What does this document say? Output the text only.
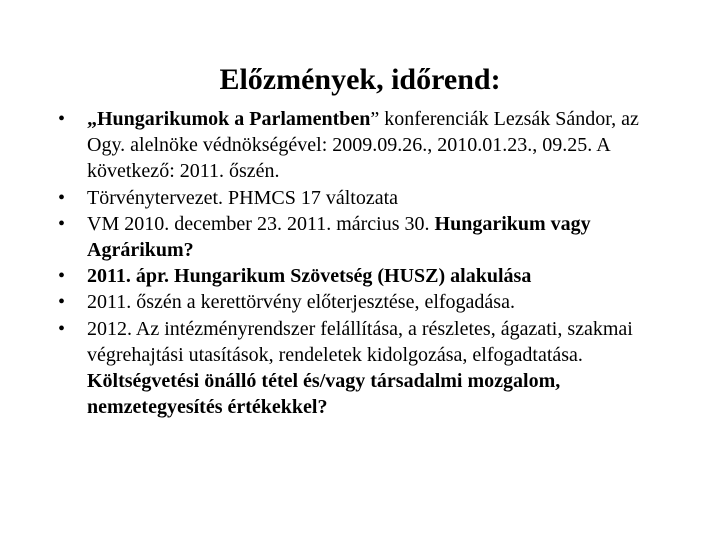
Előzmények, időrend:
• „Hungarikumok a Parlamentben” konferenciák Lezsák Sándor, az Ogy. alelnöke védnökségével: 2009.09.26., 2010.01.23., 09.25. A következő: 2011. őszén.
• Törvénytervezet. PHMCS 17 változata
• VM 2010. december 23. 2011. március 30. Hungarikum vagy Agrárikum?
• 2011. ápr. Hungarikum Szövetség (HUSZ) alakulása
• 2011. őszén a kerettörvény előterjesztése, elfogadása.
• 2012. Az intézményrendszer felállítása, a részletes, ágazati, szakmai végrehajtási utasítások, rendeletek kidolgozása, elfogadtatása. Költségvetési önálló tétel és/vagy társadalmi mozgalom, nemzetegyesítés értékekkel?
